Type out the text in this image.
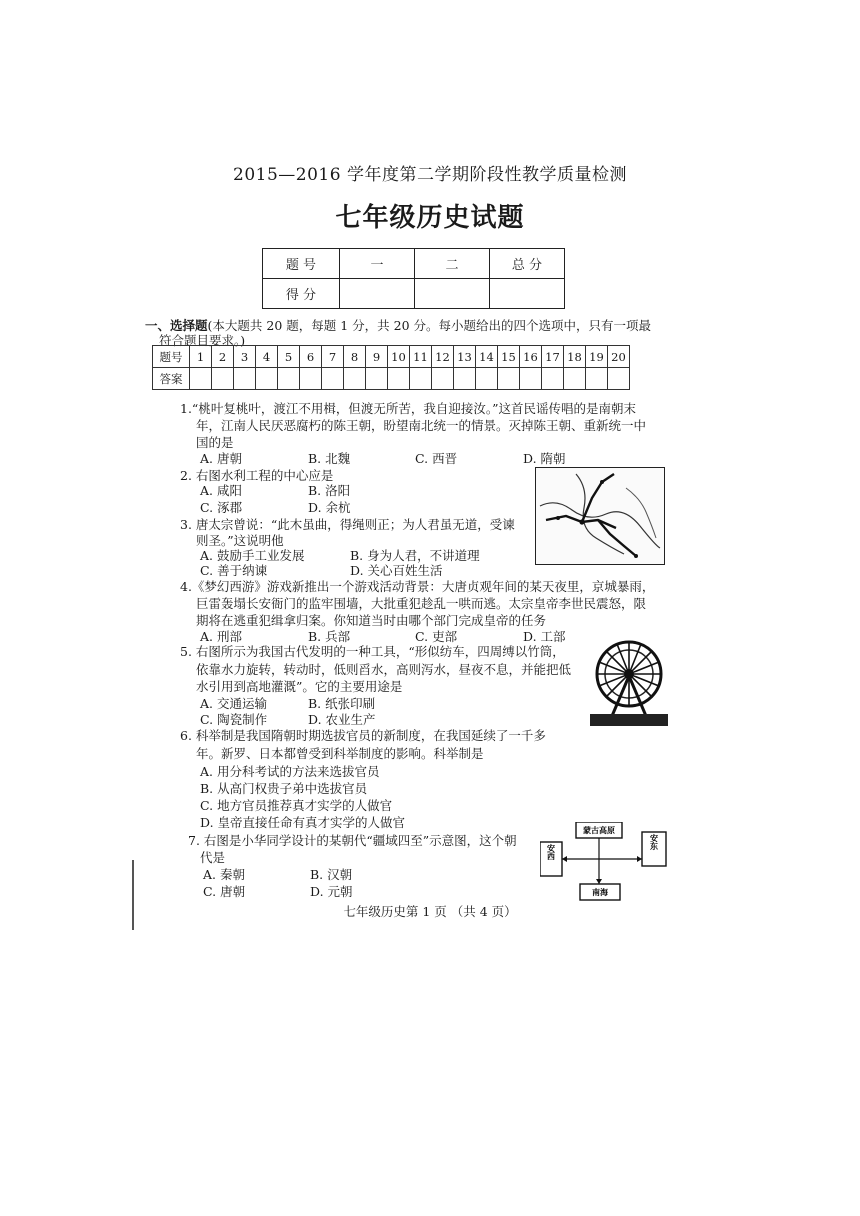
2015—2016 学年度第二学期阶段性教学质量检测
七年级历史试题
题 号	一	二	总 分
得 分			
一、选择题(本大题共 20 题，每题 1 分，共 20 分。每小题给出的四个选项中，只有一项最
符合题目要求。)
题号	1	2	3	4	5	6	7	8	9	10	11	12	13	14	15	16	17	18	19	20
答案																				
1.“桃叶复桃叶，渡江不用楫，但渡无所苦，我自迎接汝。”这首民谣传唱的是南朝末
年，江南人民厌恶腐朽的陈王朝，盼望南北统一的情景。灭掉陈王朝、重新统一中
国的是
A. 唐朝	B. 北魏	C. 西晋	D. 隋朝
2. 右图水利工程的中心应是
A. 咸阳	B. 洛阳
C. 涿郡	D. 余杭
3. 唐太宗曾说：“此木虽曲，得绳则正；为人君虽无道，受谏
则圣。”这说明他
A. 鼓励手工业发展	B. 身为人君，不讲道理
C. 善于纳谏	D. 关心百姓生活
4.《梦幻西游》游戏新推出一个游戏活动背景：大唐贞观年间的某天夜里，京城暴雨，
巨雷轰塌长安衙门的监牢围墙，大批重犯趁乱一哄而逃。太宗皇帝李世民震怒，限
期将在逃重犯缉拿归案。你知道当时由哪个部门完成皇帝的任务
A. 刑部	B. 兵部	C. 吏部	D. 工部
5. 右图所示为我国古代发明的一种工具，“形似纺车，四周缚以竹筒，
依靠水力旋转，转动时，低则舀水，高则泻水，昼夜不息，并能把低
水引用到高地灌溉”。它的主要用途是
A. 交通运输	B. 纸张印刷
C. 陶瓷制作	D. 农业生产
6. 科举制是我国隋朝时期选拔官员的新制度，在我国延续了一千多
年。新罗、日本都曾受到科举制度的影响。科举制是
A. 用分科考试的方法来选拔官员
B. 从高门权贵子弟中选拔官员
C. 地方官员推荐真才实学的人做官
D. 皇帝直接任命有真才实学的人做官
7. 右图是小华同学设计的某朝代“疆域四至”示意图，这个朝
代是
七年级历史第 1 页 （共 4 页）
A. 秦朝	B. 汉朝
C. 唐朝	D. 元朝
蒙古高原
安西
安东
南海
